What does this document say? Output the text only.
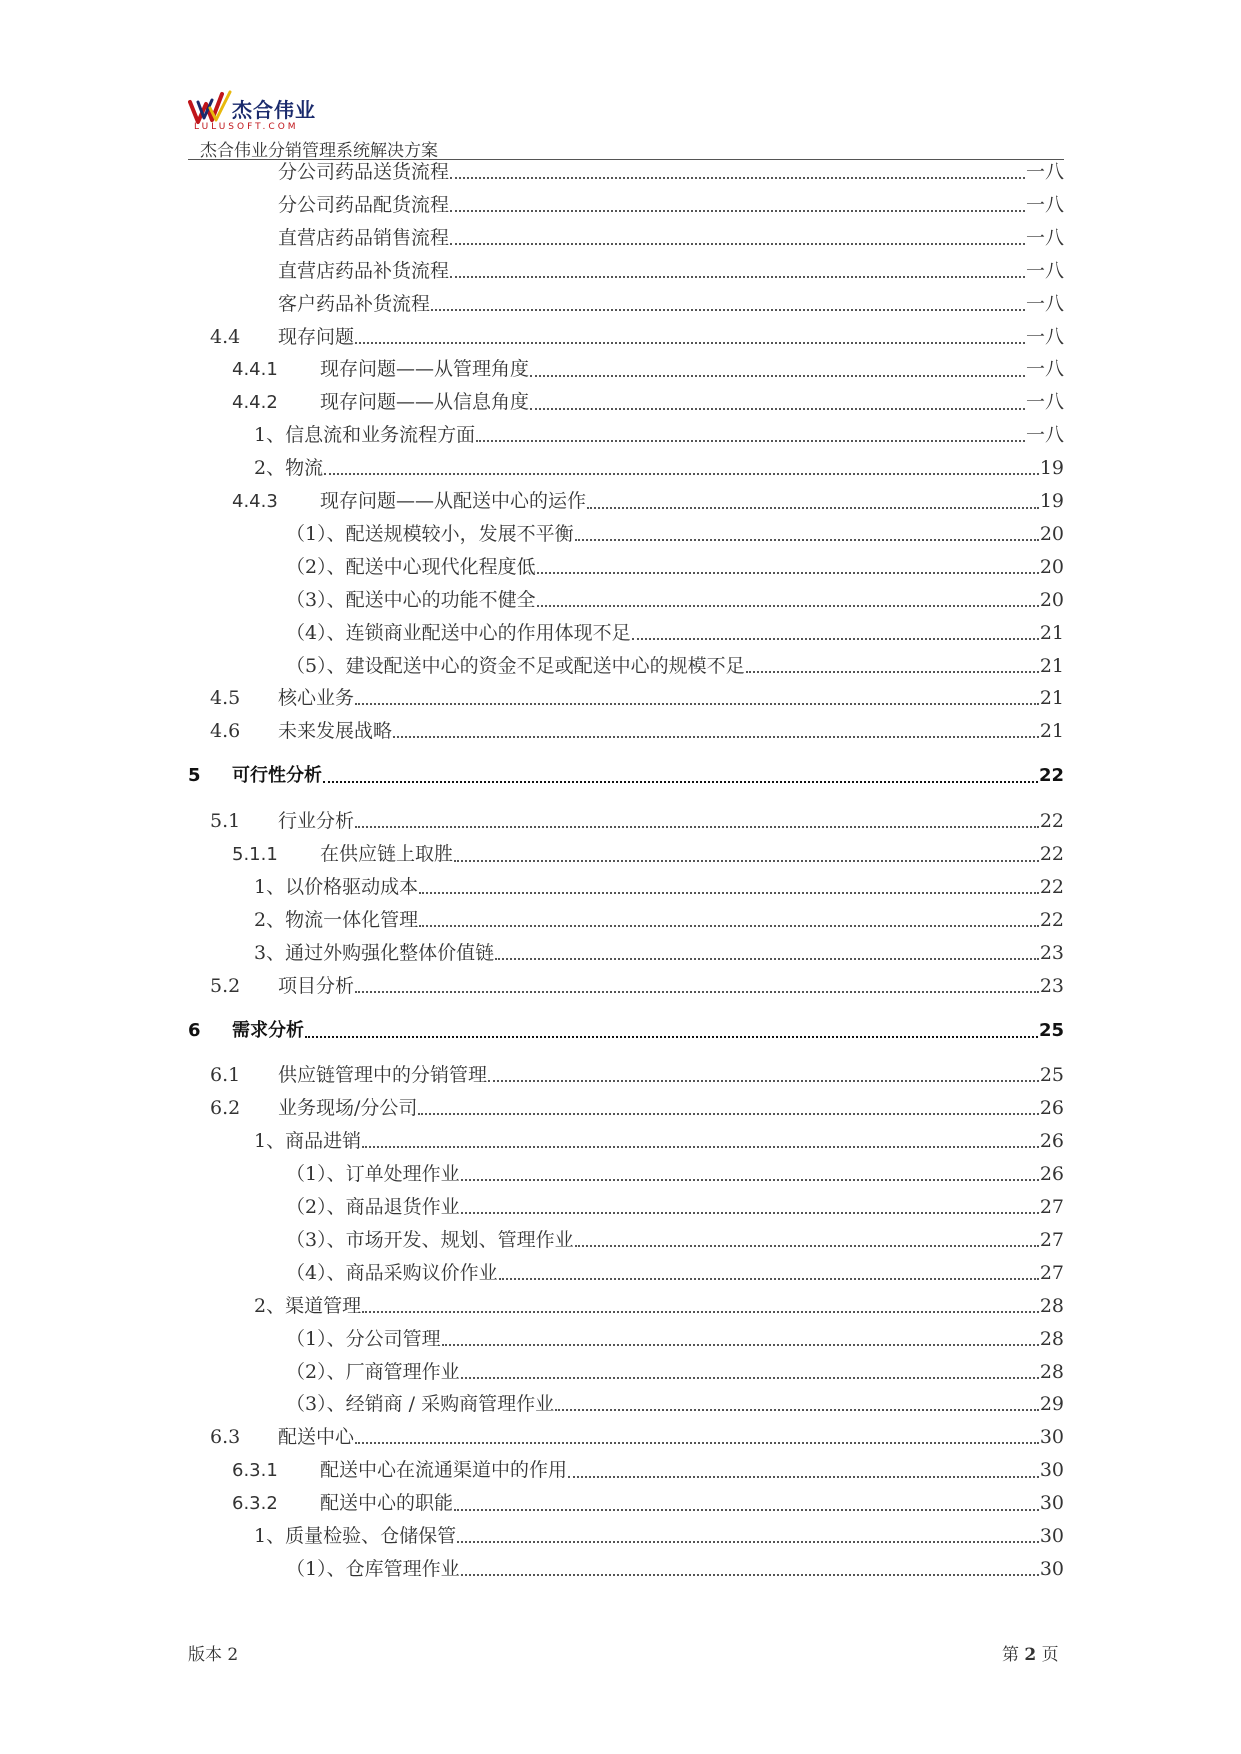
杰合伟业
LULUSOFT.COM
杰合伟业分销管理系统解决方案
分公司药品送货流程	一八
分公司药品配货流程	一八
直营店药品销售流程	一八
直营店药品补货流程	一八
客户药品补货流程	一八
4.4	现存问题	一八
4.4.1	现存问题——从管理角度	一八
4.4.2	现存问题——从信息角度	一八
1、信息流和业务流程方面	一八
2、物流	19
4.4.3	现存问题——从配送中心的运作	19
（1）、配送规模较小，发展不平衡	20
（2）、配送中心现代化程度低	20
（3）、配送中心的功能不健全	20
（4）、连锁商业配送中心的作用体现不足	21
（5）、建设配送中心的资金不足或配送中心的规模不足	21
4.5	核心业务	21
4.6	未来发展战略	21
5	可行性分析	22
5.1	行业分析	22
5.1.1	在供应链上取胜	22
1、以价格驱动成本	22
2、物流一体化管理	22
3、通过外购强化整体价值链	23
5.2	项目分析	23
6	需求分析	25
6.1	供应链管理中的分销管理	25
6.2	业务现场/分公司	26
1、商品进销	26
（1）、订单处理作业	26
（2）、商品退货作业	27
（3）、市场开发、规划、管理作业	27
（4）、商品采购议价作业	27
2、渠道管理	28
（1）、分公司管理	28
（2）、厂商管理作业	28
（3）、经销商 / 采购商管理作业	29
6.3	配送中心	30
6.3.1	配送中心在流通渠道中的作用	30
6.3.2	配送中心的职能	30
1、质量检验、仓储保管	30
（1）、仓库管理作业	30
版本 2	第 2 页
